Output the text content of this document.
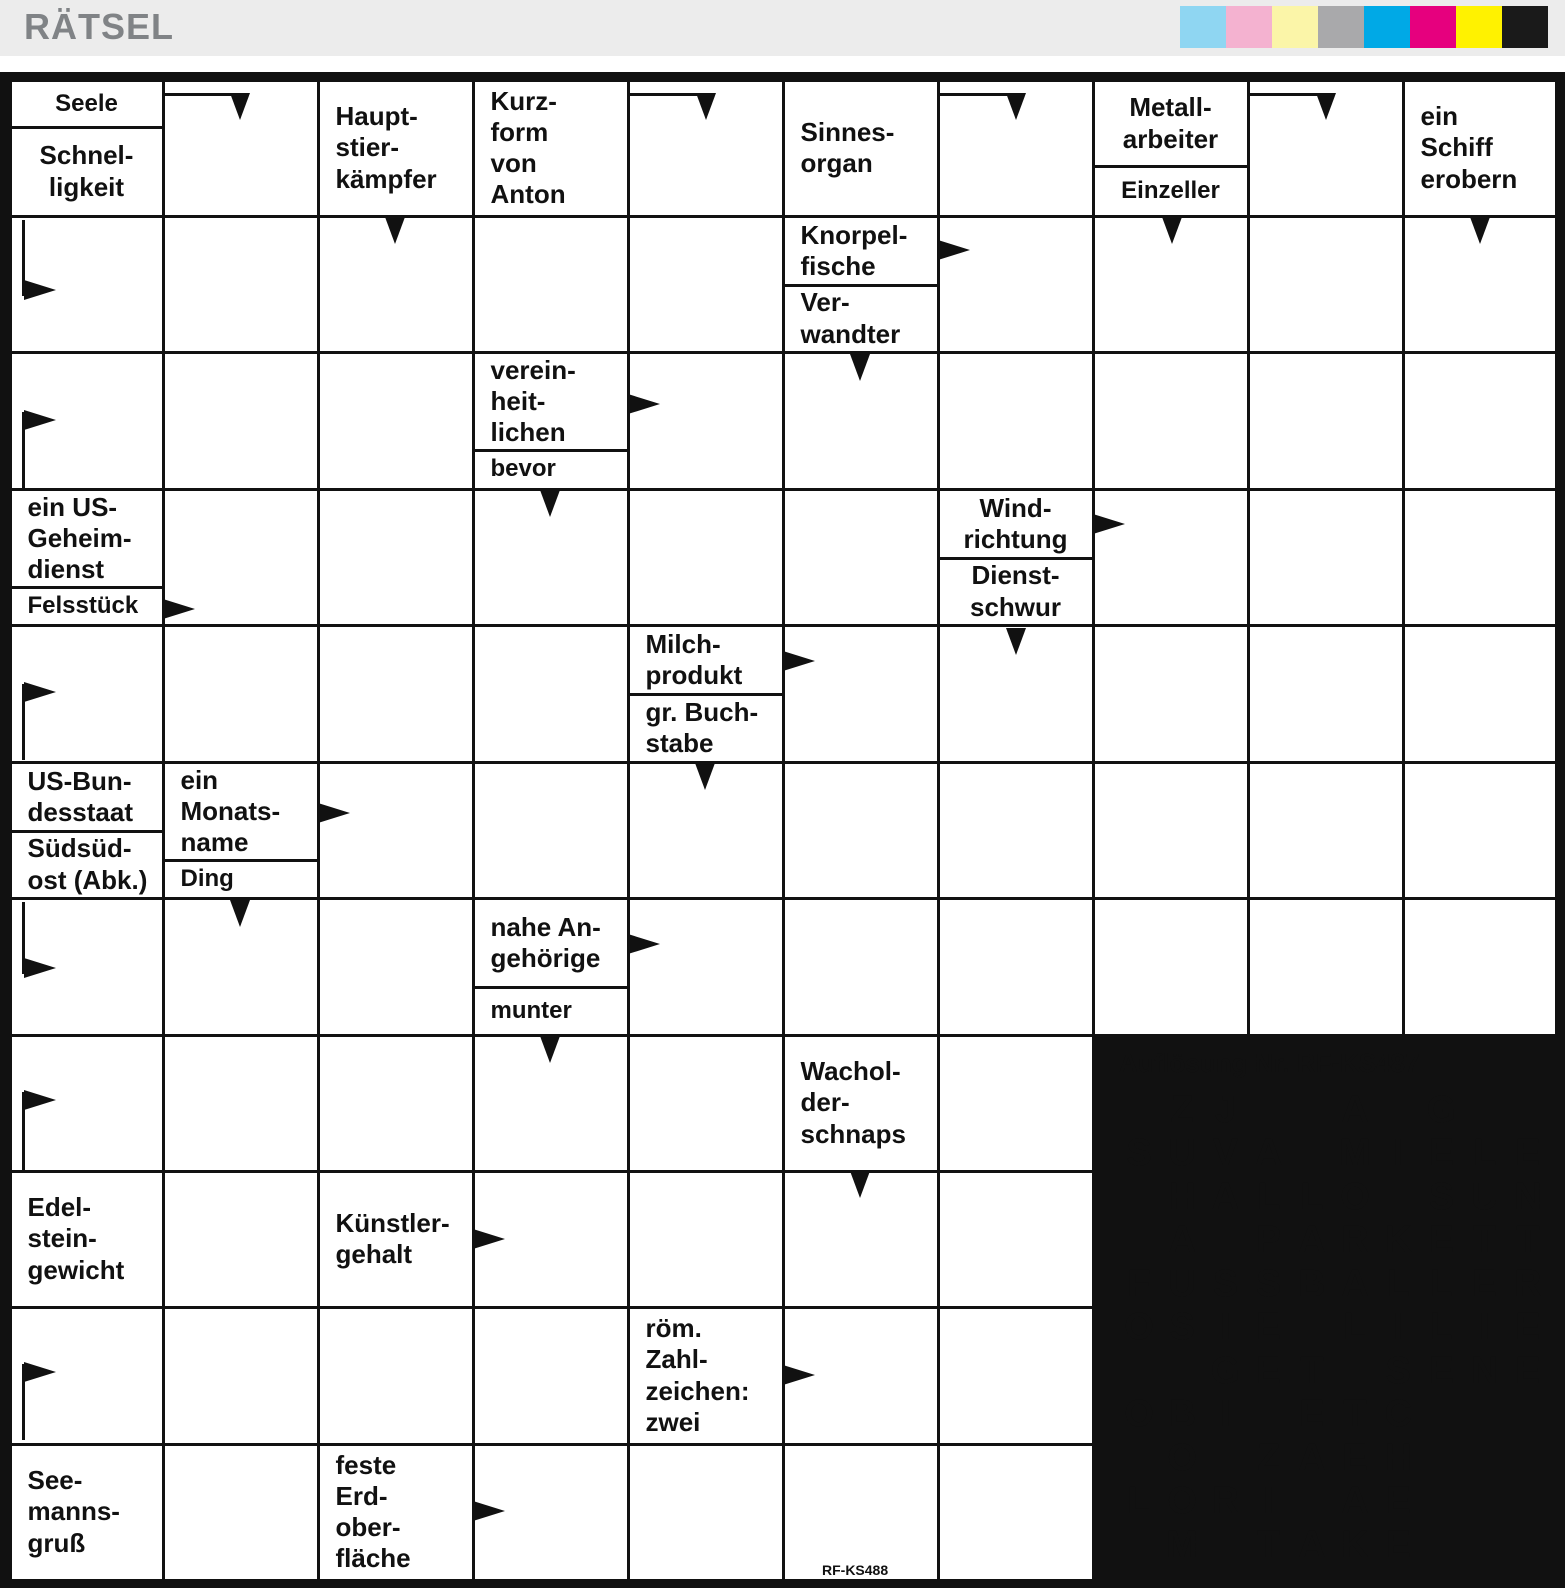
RÄTSEL
Seele
Schnel-
ligkeit
Haupt-
stier-
kämpfer
Kurz-
form
von
Anton
Sinnes-
organ
Metall-
arbeiter
Einzeller
ein
Schiff
erobern
Knorpel-
fische
Ver-
wandter
verein-
heit-
lichen
bevor
ein US-
Geheim-
dienst
Felsstück
Wind-
richtung
Dienst-
schwur
Milch-
produkt
gr. Buch-
stabe
US-Bun-
desstaat
Südsüd-
ost (Abk.)
ein
Monats-
name
Ding
nahe An-
gehörige
munter
Wachol-
der-
schnaps
Edel-
stein-
gewicht
Künstler-
gehalt
röm.
Zahl-
zeichen:
zwei
See-
manns-
gruß
feste
Erd-
ober-
fläche	RF-KS488
Auflösung Nr. RF-KS487
Z J	A G
S U V A M I E L E
H A L L O S U N
A P A R K E T T
F U S S B A L L E R
O S I E L I L I E
G E T S E N E
O B I	E T C
O Z A E H
L O R I	A E
M T A K E
